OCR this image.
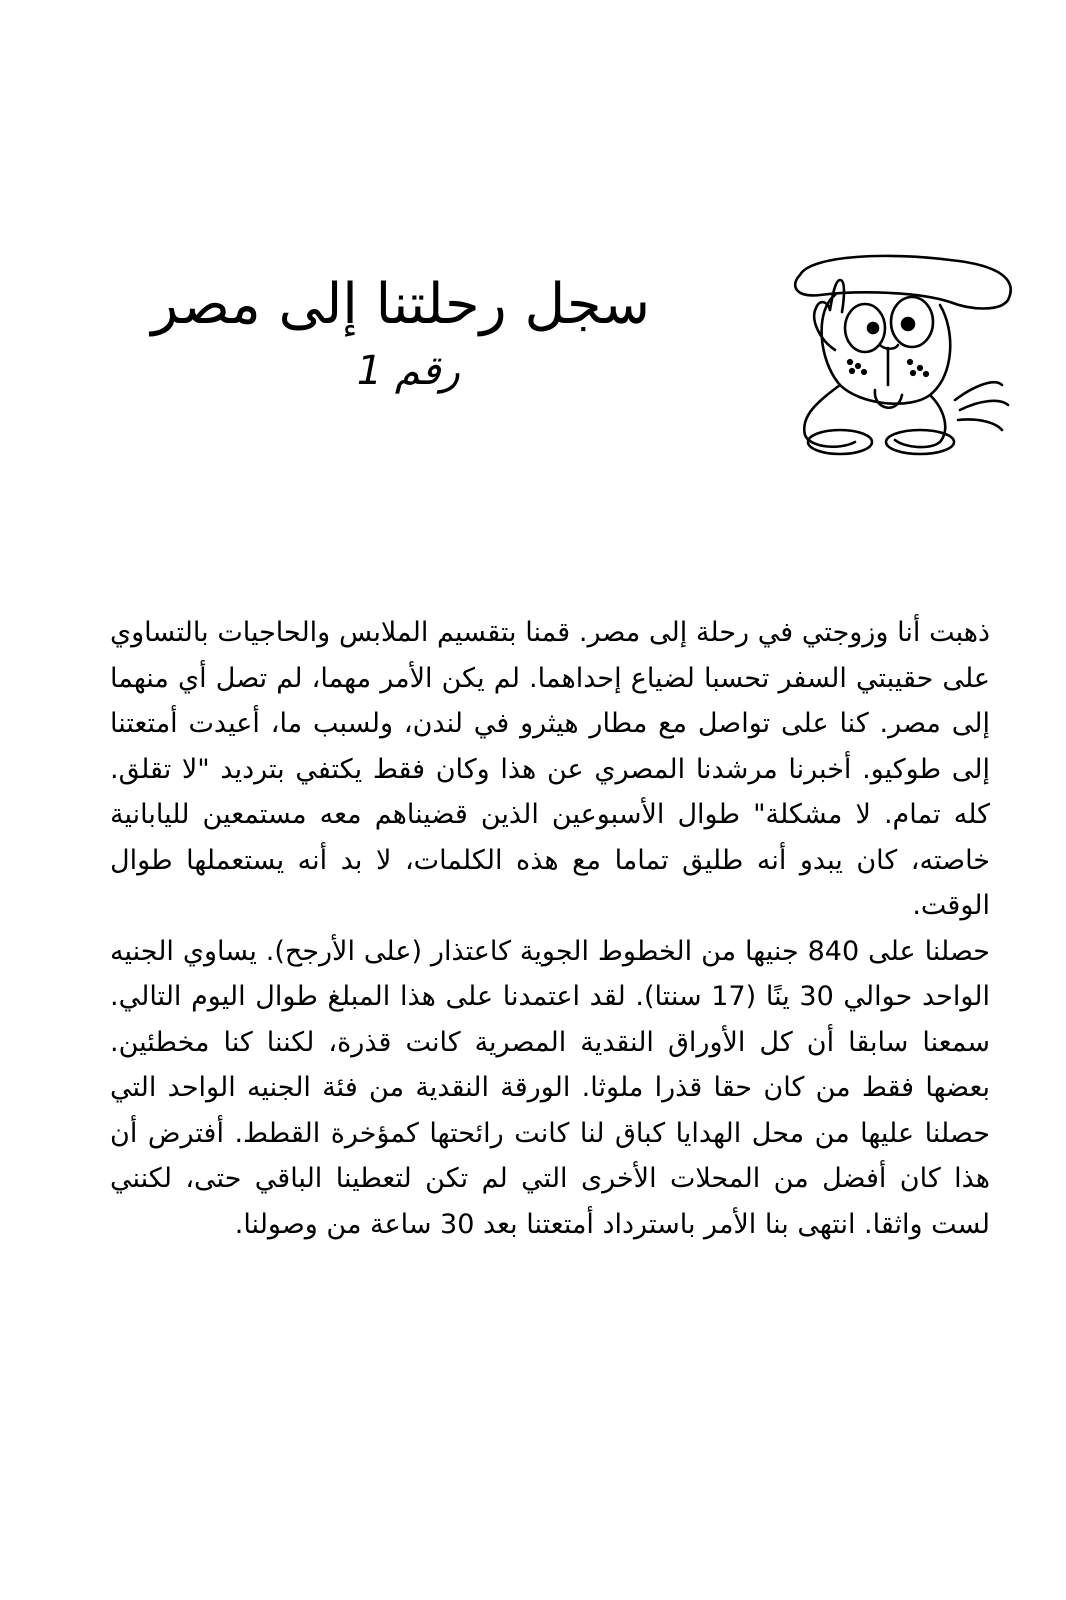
سجل رحلتنا إلى مصر
رقم 1

ذهبت أنا وزوجتي في رحلة إلى مصر. قمنا بتقسيم الملابس والحاجيات بالتساوي على حقيبتي السفر تحسبا لضياع إحداهما. لم يكن الأمر مهما، لم تصل أي منهما إلى مصر. كنا على تواصل مع مطار هيثرو في لندن، ولسبب ما، أعيدت أمتعتنا إلى طوكيو. أخبرنا مرشدنا المصري عن هذا وكان فقط يكتفي بترديد "لا تقلق. كله تمام. لا مشكلة" طوال الأسبوعين الذين قضيناهم معه مستمعين لليابانية خاصته، كان يبدو أنه طليق تماما مع هذه الكلمات، لا بد أنه يستعملها طوال الوقت.

حصلنا على 840 جنيها من الخطوط الجوية كاعتذار (على الأرجح). يساوي الجنيه الواحد حوالي 30 ينًا (17 سنتا). لقد اعتمدنا على هذا المبلغ طوال اليوم التالي. سمعنا سابقا أن كل الأوراق النقدية المصرية كانت قذرة، لكننا كنا مخطئين. بعضها فقط من كان حقا قذرا ملوثا. الورقة النقدية من فئة الجنيه الواحد التي حصلنا عليها من محل الهدايا كباق لنا كانت رائحتها كمؤخرة القطط. أفترض أن هذا كان أفضل من المحلات الأخرى التي لم تكن لتعطينا الباقي حتى، لكنني لست واثقا. انتهى بنا الأمر باسترداد أمتعتنا بعد 30 ساعة من وصولنا.
